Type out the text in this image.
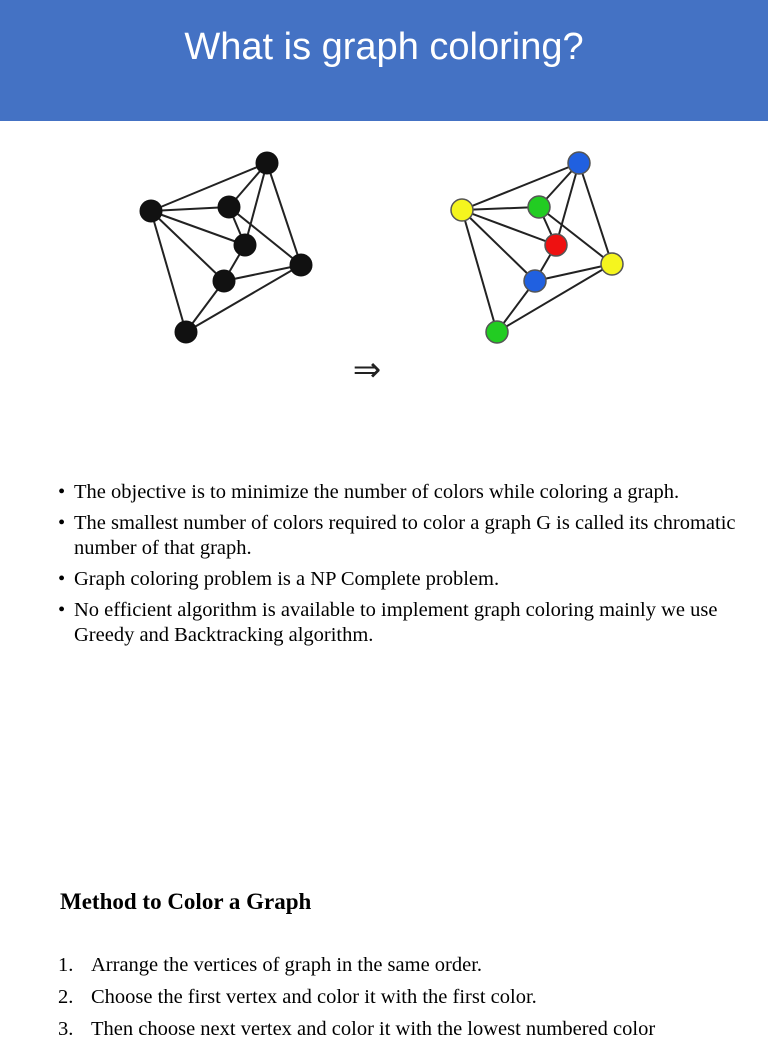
What is graph coloring?
⇒
• The objective is to minimize the number of colors while coloring a graph.
• The smallest number of colors required to color a graph G is called its chromatic number of that graph.
• Graph coloring problem is a NP Complete problem.
• No efficient algorithm is available to implement graph coloring mainly we use Greedy and Backtracking algorithm.
Method to Color a Graph
1. Arrange the vertices of graph in the same order.
2. Choose the first vertex and color it with the first color.
3. Then choose next vertex and color it with the lowest numbered color
